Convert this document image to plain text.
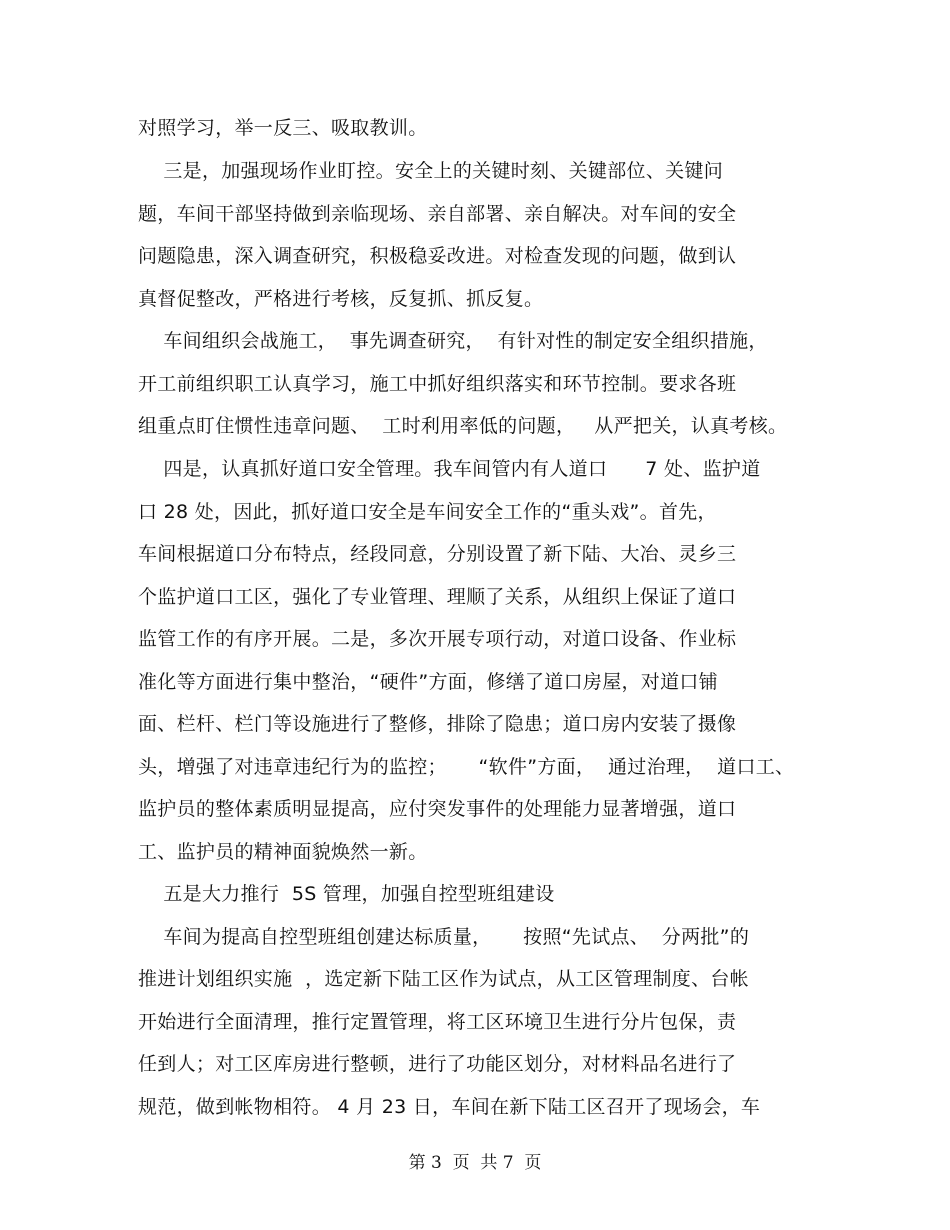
对照学习，举一反三、吸取教训。
三是，加强现场作业盯控。安全上的关键时刻、关键部位、关键问
题，车间干部坚持做到亲临现场、亲自部署、亲自解决。对车间的安全
问题隐患，深入调查研究，积极稳妥改进。对检查发现的问题，做到认
真督促整改，严格进行考核，反复抓、抓反复。
车间组织会战施工，  事先调查研究，  有针对性的制定安全组织措施，
开工前组织职工认真学习，施工中抓好组织落实和环节控制。要求各班
组重点盯住惯性违章问题、  工时利用率低的问题，   从严把关，认真考核。
四是，认真抓好道口安全管理。我车间管内有人道口      7 处、监护道
口 28 处，因此，抓好道口安全是车间安全工作的“重头戏”。首先，
车间根据道口分布特点，经段同意，分别设置了新下陆、大冶、灵乡三
个监护道口工区，强化了专业管理、理顺了关系，从组织上保证了道口
监管工作的有序开展。二是，多次开展专项行动，对道口设备、作业标
准化等方面进行集中整治，“硬件”方面，修缮了道口房屋，对道口铺
面、栏杆、栏门等设施进行了整修，排除了隐患；道口房内安装了摄像
头，增强了对违章违纪行为的监控；     “软件”方面，  通过治理，  道口工、
监护员的整体素质明显提高，应付突发事件的处理能力显著增强，道口
工、监护员的精神面貌焕然一新。
五是大力推行  5S 管理，加强自控型班组建设
车间为提高自控型班组创建达标质量，     按照“先试点、  分两批”的
推进计划组织实施  ，选定新下陆工区作为试点，从工区管理制度、台帐
开始进行全面清理，推行定置管理，将工区环境卫生进行分片包保，责
任到人；对工区库房进行整顿，进行了功能区划分，对材料品名进行了
规范，做到帐物相符。 4 月 23 日，车间在新下陆工区召开了现场会，车
第 3  页  共 7  页
